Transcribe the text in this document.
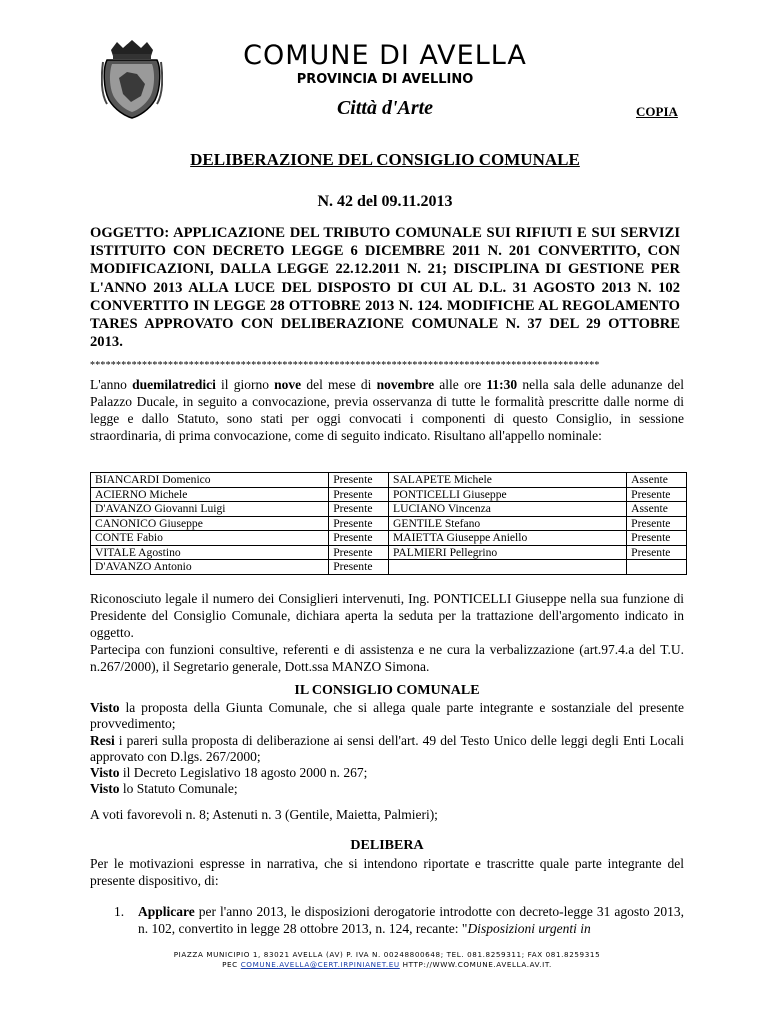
COMUNE DI AVELLA
PROVINCIA DI AVELLINO
Città d'Arte	COPIA
DELIBERAZIONE DEL CONSIGLIO COMUNALE
N. 42 del 09.11.2013
OGGETTO: APPLICAZIONE DEL TRIBUTO COMUNALE SUI RIFIUTI E SUI SERVIZI ISTITUITO CON DECRETO LEGGE 6 DICEMBRE 2011 N. 201 CONVERTITO, CON MODIFICAZIONI, DALLA LEGGE 22.12.2011 N. 21; DISCIPLINA DI GESTIONE PER L'ANNO 2013 ALLA LUCE DEL DISPOSTO DI CUI AL D.L. 31 AGOSTO 2013 N. 102 CONVERTITO IN LEGGE 28 OTTOBRE 2013 N. 124. MODIFICHE AL REGOLAMENTO TARES APPROVATO CON DELIBERAZIONE COMUNALE N. 37 DEL 29 OTTOBRE 2013.
**************************************************************************************************
L'anno duemilatredici il giorno nove del mese di novembre alle ore 11:30 nella sala delle adunanze del Palazzo Ducale, in seguito a convocazione, previa osservanza di tutte le formalità prescritte dalle norme di legge e dallo Statuto, sono stati per oggi convocati i componenti di questo Consiglio, in sessione straordinaria, di prima convocazione, come di seguito indicato. Risultano all'appello nominale:
BIANCARDI Domenico	Presente	SALAPETE Michele	Assente
ACIERNO Michele	Presente	PONTICELLI Giuseppe	Presente
D'AVANZO Giovanni Luigi	Presente	LUCIANO Vincenza	Assente
CANONICO Giuseppe	Presente	GENTILE Stefano	Presente
CONTE Fabio	Presente	MAIETTA Giuseppe Aniello	Presente
VITALE Agostino	Presente	PALMIERI Pellegrino	Presente
D'AVANZO Antonio	Presente		
Riconosciuto legale il numero dei Consiglieri intervenuti, Ing. PONTICELLI Giuseppe nella sua funzione di Presidente del Consiglio Comunale, dichiara aperta la seduta per la trattazione dell'argomento indicato in oggetto.
Partecipa con funzioni consultive, referenti e di assistenza e ne cura la verbalizzazione (art.97.4.a del T.U. n.267/2000), il Segretario generale, Dott.ssa MANZO Simona.
IL CONSIGLIO COMUNALE
Visto la proposta della Giunta Comunale, che si allega quale parte integrante e sostanziale del presente provvedimento;
Resi i pareri sulla proposta di deliberazione ai sensi dell'art. 49 del Testo Unico delle leggi degli Enti Locali approvato con D.lgs. 267/2000;
Visto il Decreto Legislativo 18 agosto 2000 n. 267;
Visto lo Statuto Comunale;
A voti favorevoli n. 8; Astenuti n. 3 (Gentile, Maietta, Palmieri);
DELIBERA
Per le motivazioni espresse in narrativa, che si intendono riportate e trascritte quale parte integrante del presente dispositivo, di:
1. Applicare per l'anno 2013, le disposizioni derogatorie introdotte con decreto-legge 31 agosto 2013, n. 102, convertito in legge 28 ottobre 2013, n. 124, recante: "Disposizioni urgenti in
PIAZZA MUNICIPIO 1, 83021 AVELLA (AV) P. IVA N. 00248800648; TEL. 081.8259311; FAX 081.8259315
PEC COMUNE.AVELLA@CERT.IRPINIANET.EU HTTP://WWW.COMUNE.AVELLA.AV.IT.
